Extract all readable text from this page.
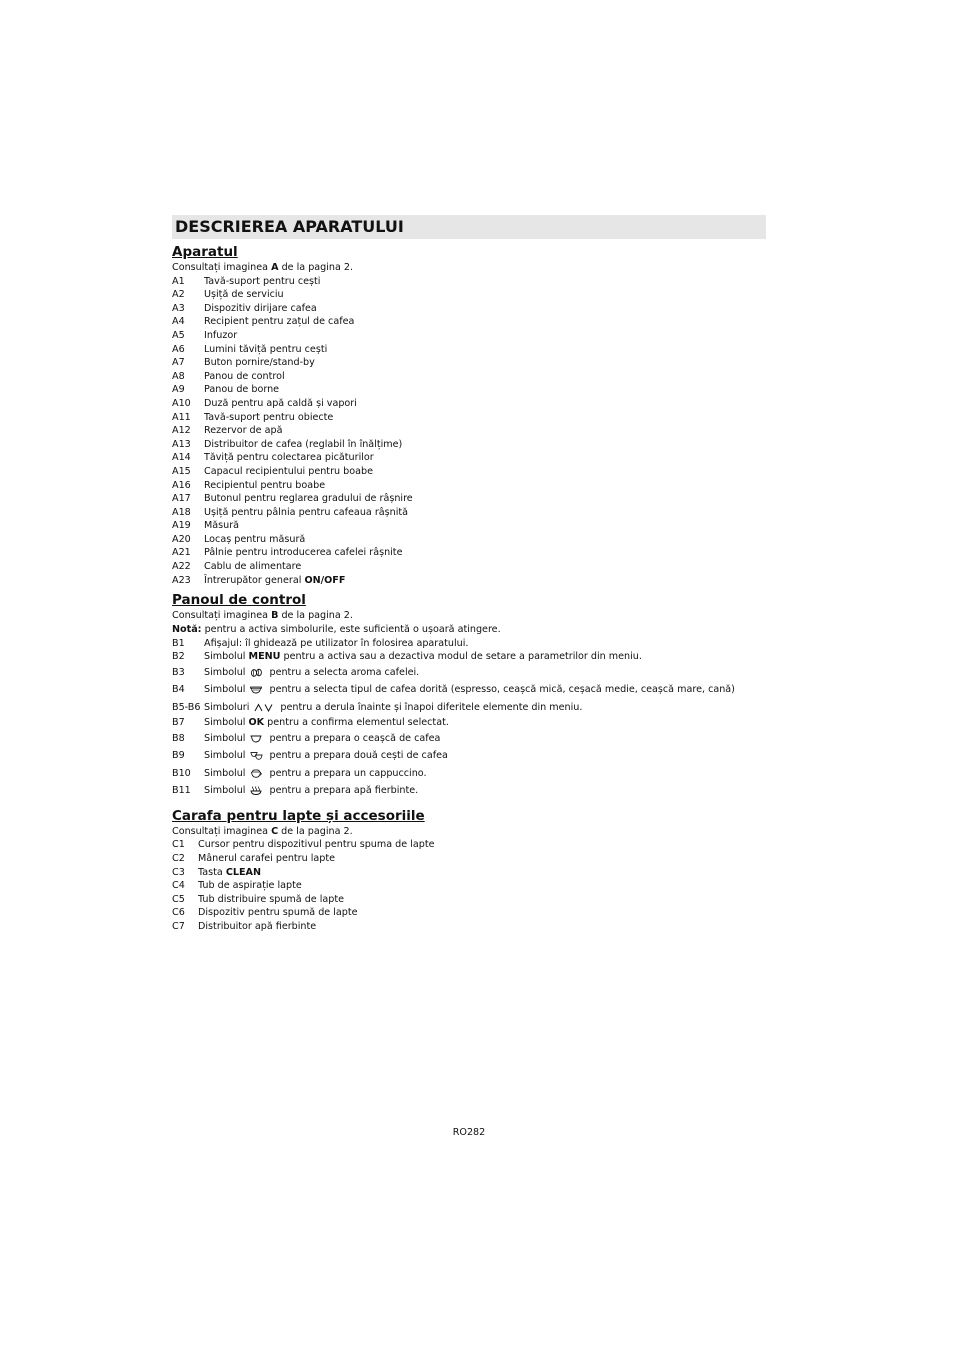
DESCRIEREA APARATULUI
Aparatul
Consultați imaginea A de la pagina 2.
A1	Tavă-suport pentru cești
A2	Ușiță de serviciu
A3	Dispozitiv dirijare cafea
A4	Recipient pentru zațul de cafea
A5	Infuzor
A6	Lumini tăviță pentru cești
A7	Buton pornire/stand-by
A8	Panou de control
A9	Panou de borne
A10	Duză pentru apă caldă și vapori
A11	Tavă-suport pentru obiecte
A12	Rezervor de apă
A13	Distribuitor de cafea (reglabil în înălțime)
A14	Tăviță pentru colectarea picăturilor
A15	Capacul recipientului pentru boabe
A16	Recipientul pentru boabe
A17	Butonul pentru reglarea gradului de râșnire
A18	Ușiță pentru pâlnia pentru cafeaua râșnită
A19	Măsură
A20	Locaș pentru măsură
A21	Pâlnie pentru introducerea cafelei râșnite
A22	Cablu de alimentare
A23	Întrerupător general ON/OFF
Panoul de control
Consultați imaginea B de la pagina 2.
Notă: pentru a activa simbolurile, este suficientă o ușoară atingere.
B1	Afișajul: îl ghidează pe utilizator în folosirea aparatului.
B2	Simbolul MENU pentru a activa sau a dezactiva modul de setare a parametrilor din meniu.
B3	Simbolul	pentru a selecta aroma cafelei.
B4	Simbolul	pentru a selecta tipul de cafea dorită (espresso, ceașcă mică, cеșacă medie, ceașcă mare, cană)
B5-B6 Simboluri	pentru a derula înainte și înapoi diferitele elemente din meniu.
B7	Simbolul OK pentru a confirma elementul selectat.
B8	Simbolul	pentru a prepara o ceașcă de cafea
B9	Simbolul	pentru a prepara două cești de cafea
B10	Simbolul	pentru a prepara un cappuccino.
B11	Simbolul	pentru a prepara apă fierbinte.
Carafa pentru lapte și accesoriile
Consultați imaginea C de la pagina 2.
C1	Cursor pentru dispozitivul pentru spuma de lapte
C2	Mânerul carafei pentru lapte
C3	Tasta CLEAN
C4	Tub de aspirație lapte
C5	Tub distribuire spumă de lapte
C6	Dispozitiv pentru spumă de lapte
C7	Distribuitor apă fierbinte
RO282
